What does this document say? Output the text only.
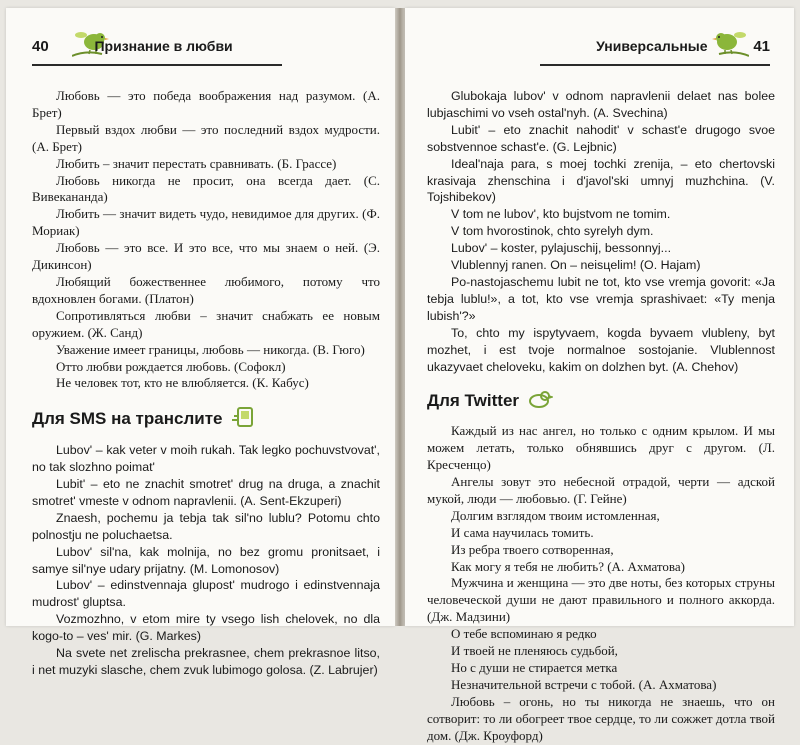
40	Признание в любви

Любовь — это победа воображения над разумом. (А. Брет)

Первый вздох любви — это последний вздох мудрости. (А. Брет)

Любить – значит перестать сравнивать. (Б. Грассе)

Любовь никогда не просит, она всегда дает. (С. Вивекананда)

Любить — значит видеть чудо, невидимое для других. (Ф. Мориак)

Любовь — это все. И это все, что мы знаем о ней. (Э. Дикинсон)

Любящий божественнее любимого, потому что вдохновлен богами. (Платон)

Сопротивляться любви – значит снабжать ее новым оружием. (Ж. Санд)

Уважение имеет границы, любовь — никогда. (В. Гюго)

Отто любви рождается любовь. (Софокл)

Не человек тот, кто не влюбляется. (К. Кабус)

Для SMS на транслите

Lubov' – kak veter v moih rukah. Tak legko pochuvstvovat', no tak slozhno poimat'

Lubit' – eto ne znachit smotret' drug na druga, a znachit smotret' vmeste v odnom napravlenii. (A. Sent-Ekzuperi)

Znaesh, pochemu ja tebja tak sil'no lublu? Potomu chto polnostju ne poluchaetsa.

Lubov' sil'na, kak molnija, no bez gromu pronitsaet, i samye sil'nye udary prijatny. (M. Lomonosov)

Lubov' – edinstvennaja glupost' mudrogo i edinstvennaja mudrost' gluptsa.

Vozmozhno, v etom mire ty vsego lish chelovek, no dla kogo-to – ves' mir. (G. Markes)

Na svete net zrelischa prekrasnee, chem prekrasnoe litso, i net muzyki slasche, chem zvuk lubimogo golosa. (Z. Labrujer)

Универсальные	41

Glubokaja lubov' v odnom napravlenii delaet nas bolee lubjaschimi vo vseh ostal'nyh. (A. Svechina)

Lubit' – eto znachit nahodit' v schast'e drugogo svoe sobstvennoe schast'e. (G. Lejbnic)

Ideal'naja para, s moej tochki zrenija, – eto chertovski krasivaja zhenschina i d'javol'ski umnyj muzhchina. (V. Tojshibekov)

V tom ne lubov', kto bujstvom ne tomim.

V tom hvorostinok, chto syrelyh dym.

Lubov' – koster, pylajuschij, bessonnyj...

Vlublennyj ranen. On – neisцelim! (O. Hajam)

Po-nastojaschemu lubit ne tot, kto vse vremja govorit: «Ja tebja lublu!», a tot, kto vse vremja sprashivaet: «Ty menja lubish'?»

To, chto my ispytyvaem, kogda byvaem vlubleny, byt mozhet, i est tvoje normalnoe sostojanie. Vlublennost ukazyvaet cheloveku, kakim on dolzhen byt. (A. Chehov)

Для Twitter

Каждый из нас ангел, но только с одним крылом. И мы можем летать, только обнявшись друг с другом. (Л. Кресченцо)

Ангелы зовут это небесной отрадой, черти — адской мукой, люди — любовью. (Г. Гейне)

Долгим взглядом твоим истомленная,

И сама научилась томить.

Из ребра твоего сотворенная,

Как могу я тебя не любить? (А. Ахматова)

Мужчина и женщина — это две ноты, без которых струны человеческой души не дают правильного и полного аккорда. (Дж. Мадзини)

О тебе вспоминаю я редко

И твоей не пленяюсь судьбой,

Но с души не стирается метка

Незначительной встречи с тобой. (А. Ахматова)

Любовь – огонь, но ты никогда не знаешь, что он сотворит: то ли обогреет твое сердце, то ли сожжет дотла твой дом. (Дж. Кроуфорд)
